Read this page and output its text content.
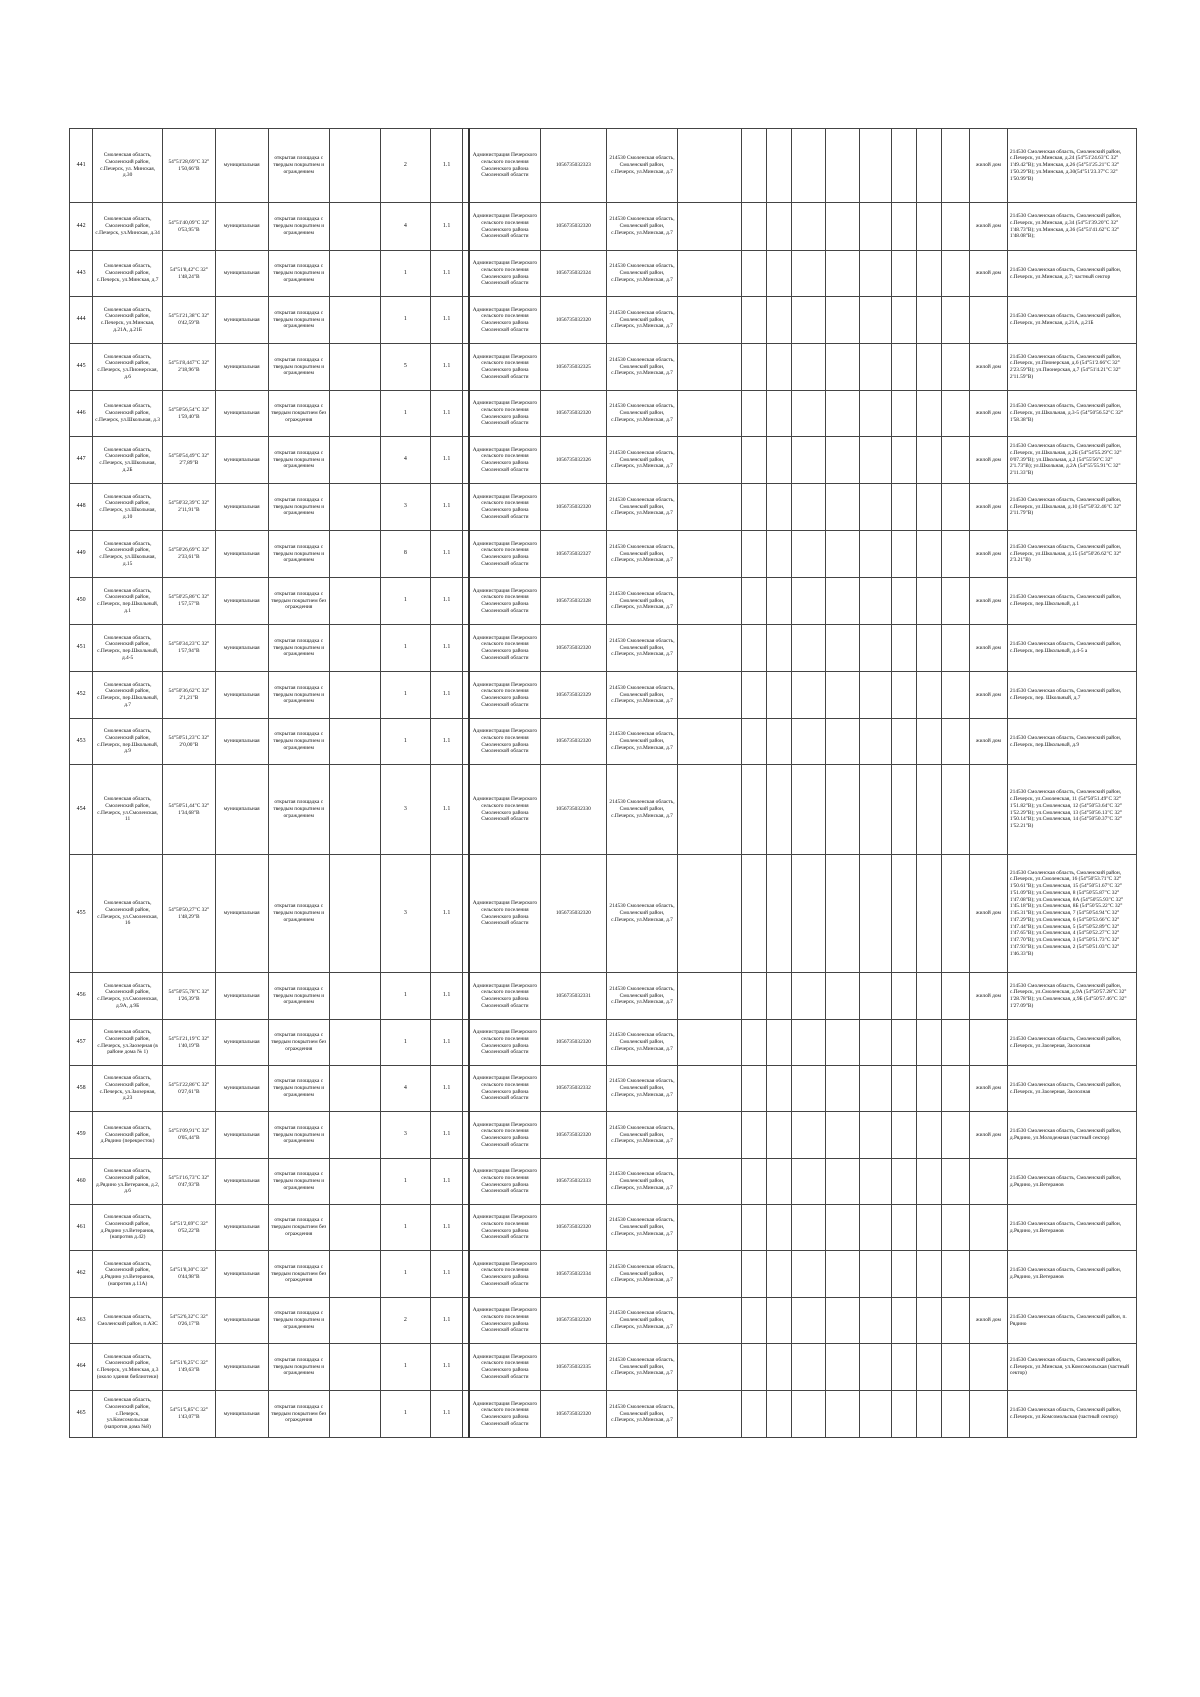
441	Смоленская область, Смоленский район, с.Печерск, ул. Минская, д.30	54°51'28,69"С 32° 1'50,66"В	муниципальная	открытая площадка с твердым покрытием и ограждением		2	1.1		Администрация Печерского сельского поселения Смоленского района Смоленской области	1056735032323	214530 Смоленская область, Смоленский район, с.Печерск, ул.Минская, д.7										жилой дом	214530 Смоленская область, Смоленский район, с.Печерск, ул.Минская, д.24 (54°51'24.63"С 32° 1'49.42"В); ул.Минская, д.26 (54°51'25.21"С 32° 1'50.29"В); ул.Минская, д.30(54°51'23.37"С 32° 1'50.99"В)
442	Смоленская область, Смоленский район, с.Печерск, ул.Минская, д.34	54°51'40,09"С 32° 0'53,95"В	муниципальная	открытая площадка с твердым покрытием и ограждением		4	1.1		Администрация Печерского сельского поселения Смоленского района Смоленской области	1056735032320	214530 Смоленская область, Смоленский район, с.Печерск, ул.Минская, д.7										жилой дом	214530 Смоленская область, Смоленский район, с.Печерск, ул.Минская, д.34 (54°51'39.20"С 32° 1'48.73"В); ул.Минская, д.36 (54°51'41.62"С 32° 1'48.08"В);
443	Смоленская область, Смоленский район, с.Печерск, ул.Минская, д.7	54°51'8,42"С 32° 1'48,24"В	муниципальная	открытая площадка с твердым покрытием и ограждением		1	1.1		Администрация Печерского сельского поселения Смоленского района Смоленской области	1056735032324	214530 Смоленская область, Смоленский район, с.Печерск, ул.Минская, д.7										жилой дом	214530 Смоленская область, Смоленский район, с.Печерск, ул.Минская, д.7; частный сектор
444	Смоленская область, Смоленский район, с.Печерск, ул.Минская, д.21А, д.21Б	54°51'21,38"С 32° 0'42,59"В	муниципальная	открытая площадка с твердым покрытием и ограждением		1	1.1		Администрация Печерского сельского поселения Смоленского района Смоленской области	1056735032320	214530 Смоленская область, Смоленский район, с.Печерск, ул.Минская, д.7											214530 Смоленская область, Смоленский район, с.Печерск, ул.Минская, д.21А, д.21Б
445	Смоленская область, Смоленский район, с.Печерск, ул.Пионерская, д.6	54°51'8,447"С 32° 2'18,96"В	муниципальная	открытая площадка с твердым покрытием и ограждением		5	1.1		Администрация Печерского сельского поселения Смоленского района Смоленской области	1056735032325	214530 Смоленская область, Смоленский район, с.Печерск, ул.Минская, д.7										жилой дом	214530 Смоленская область, Смоленский район, с.Печерск, ул.Пионерская, д.6 (54°51'2.66"С 32° 2'23.59"В); ул.Пионерская, д.7 (54°51'4.21"С 32° 2'11.59"В)
446	Смоленская область, Смоленский район, с.Печерск, ул.Школьная, д.3	54°50'56,54"С 32° 1'59,40"В	муниципальная	открытая площадка с твердым покрытием без ограждения		1	1.1		Администрация Печерского сельского поселения Смоленского района Смоленской области	1056735032320	214530 Смоленская область, Смоленский район, с.Печерск, ул.Минская, д.7										жилой дом	214530 Смоленская область, Смоленский район, с.Печерск, ул.Школьная, д.3-5 (54°50'56.52"С 32° 1'58.38"В)
447	Смоленская область, Смоленский район, с.Печерск, ул.Школьная, д.2Б	54°50'54,49"С 32° 2'7,89"В	муниципальная	открытая площадка с твердым покрытием и ограждением		4	1.1		Администрация Печерского сельского поселения Смоленского района Смоленской области	1056735032326	214530 Смоленская область, Смоленский район, с.Печерск, ул.Минская, д.7										жилой дом	214530 Смоленская область, Смоленский район, с.Печерск, ул.Школьная, д.2Б (54°54'55.29"С 32° 0'07.39"В); ул.Школьная, д.2 (54°55'56"С 32° 2'1.73"В); ул.Школьная, д.2А (54°55'55.91"С 32° 2'11.33"В)
448	Смоленская область, Смоленский район, с.Печерск, ул.Школьная, д.10	54°50'32,39"С 32° 2'11,91"В	муниципальная	открытая площадка с твердым покрытием и ограждением		3	1.1		Администрация Печерского сельского поселения Смоленского района Смоленской области	1056735032320	214530 Смоленская область, Смоленский район, с.Печерск, ул.Минская, д.7										жилой дом	214530 Смоленская область, Смоленский район, с.Печерск, ул.Школьная, д.10 (54°50'32.46"С 32° 2'11.79"В)
449	Смоленская область, Смоленский район, с.Печерск, ул.Школьная, д.15	54°50'26,69"С 32° 2'33,61"В	муниципальная	открытая площадка с твердым покрытием и ограждением		8	1.1		Администрация Печерского сельского поселения Смоленского района Смоленской области	1056735032327	214530 Смоленская область, Смоленский район, с.Печерск, ул.Минская, д.7										жилой дом	214530 Смоленская область, Смоленский район, с.Печерск, ул.Школьная, д.15 (54°50'26.62"С 32° 2'3.21"В)
450	Смоленская область, Смоленский район, с.Печерск, пер.Школьный, д.1	54°50'25,86"С 32° 1'57,57"В	муниципальная	открытая площадка с твердым покрытием без ограждения		1	1.1		Администрация Печерского сельского поселения Смоленского района Смоленской области	1056735032328	214530 Смоленская область, Смоленский район, с.Печерск, ул.Минская, д.7										жилой дом	214530 Смоленская область, Смоленский район, с.Печерск, пер.Школьный, д.1
451	Смоленская область, Смоленский район, с.Печерск, пер.Школьный, д.4-5	54°50'34,23"С 32° 1'57,94"В	муниципальная	открытая площадка с твердым покрытием и ограждением		1	1.1		Администрация Печерского сельского поселения Смоленского района Смоленской области	1056735032320	214530 Смоленская область, Смоленский район, с.Печерск, ул.Минская, д.7										жилой дом	214530 Смоленская область, Смоленский район, с.Печерск, пер.Школьный, д.4-5 а
452	Смоленская область, Смоленский район, с.Печерск, пер.Школьный, д.7	54°50'36,62"С 32° 2'1,21"В	муниципальная	открытая площадка с твердым покрытием и ограждением		1	1.1		Администрация Печерского сельского поселения Смоленского района Смоленской области	1056735032329	214530 Смоленская область, Смоленский район, с.Печерск, ул.Минская, д.7										жилой дом	214530 Смоленская область, Смоленский район, с.Печерск, пер. Школьный, д.7
453	Смоленская область, Смоленский район, с.Печерск, пер.Школьный, д.9	54°50'51,23"С 32° 2'0,00"В	муниципальная	открытая площадка с твердым покрытием и ограждением		1	1.1		Администрация Печерского сельского поселения Смоленского района Смоленской области	1056735032320	214530 Смоленская область, Смоленский район, с.Печерск, ул.Минская, д.7										жилой дом	214530 Смоленская область, Смоленский район, с.Печерск, пер.Школьный, д.9
454	Смоленская область, Смоленский район, с.Печерск, ул.Смоленская, 11	54°50'51,44"С 32° 1'34,68"В	муниципальная	открытая площадка с твердым покрытием и ограждением		3	1.1		Администрация Печерского сельского поселения Смоленского района Смоленской области	1056735032330	214530 Смоленская область, Смоленский район, с.Печерск, ул.Минская, д.7											214530 Смоленская область, Смоленский район, с.Печерск, ул.Смоленская, 11 (54°50'51.49"С 32° 1'51.82"В); ул.Смоленская, 12 (54°50'53.64"С 32° 1'52.29"В); ул.Смоленская, 13 (54°50'56.13"С 32° 1'50.14"В); ул.Смоленская, 14 (54°50'50.37"С 32° 1'52.21"В)
455	Смоленская область, Смоленский район, с.Печерск, ул.Смоленская, 16	54°50'50,27"С 32° 1'48,29"В	муниципальная	открытая площадка с твердым покрытием и ограждением		3	1.1		Администрация Печерского сельского поселения Смоленского района Смоленской области	1056735032320	214530 Смоленская область, Смоленский район, с.Печерск, ул.Минская, д.7										жилой дом	214530 Смоленская область, Смоленский район, с.Печерск, ул.Смоленская, 16 (54°50'53.71"С 32° 1'50.61"В); ул.Смоленская, 15 (54°50'51.67"С 32° 1'51.09"В); ул.Смоленская, 8 (54°50'55.87"С 32° 1'47.08"В); ул.Смоленская, 8А (54°50'55.93"С 32° 1'45.18"В); ул.Смоленская, 8Б (54°50'55.22"С 32° 1'45.31"В); ул.Смоленская, 7 (54°50'54.94"С 32° 1'47.29"В); ул.Смоленская, 6 (54°50'53.66"С 32° 1'47.44"В); ул.Смоленская, 5 (54°50'52.89"С 32° 1'47.65"В); ул.Смоленская, 4 (54°50'52.27"С 32° 1'47.70"В); ул.Смоленская, 3 (54°50'51.73"С 32° 1'47.93"В); ул.Смоленская, 2 (54°50'51.03"С 32° 1'46.33"В)
456	Смоленская область, Смоленский район, с.Печерск, ул.Смоленская, д.9А, д.9Б	54°50'55,78"С 32° 1'26,39"В	муниципальная	открытая площадка с твердым покрытием и ограждением		1	1.1		Администрация Печерского сельского поселения Смоленского района Смоленской области	1056735032331	214530 Смоленская область, Смоленский район, с.Печерск, ул.Минская, д.7										жилой дом	214530 Смоленская область, Смоленский район, с.Печерск, ул.Смоленская, д.9А (54°50'57.28"С 32° 1'28.78"В); ул.Смоленская, д.9Б (54°50'57.46"С 32° 1'27.09"В)
457	Смоленская область, Смоленский район, с.Печерск, ул.Заозерная (в районе дома № 1)	54°51'21,19"С 32° 1'40,19"В	муниципальная	открытая площадка с твердым покрытием без ограждения		1	1.1		Администрация Печерского сельского поселения Смоленского района Смоленской области	1056735032320	214530 Смоленская область, Смоленский район, с.Печерск, ул.Минская, д.7											214530 Смоленская область, Смоленский район, с.Печерск, ул.Заозерная, Заозолная
458	Смоленская область, Смоленский район, с.Печерск, ул.Заозерная, д.23	54°51'22,86"С 32° 0'27,61"В	муниципальная	открытая площадка с твердым покрытием и ограждением		4	1.1		Администрация Печерского сельского поселения Смоленского района Смоленской области	1056735032332	214530 Смоленская область, Смоленский район, с.Печерск, ул.Минская, д.7										жилой дом	214530 Смоленская область, Смоленский район, с.Печерск, ул.Заозерная, Заозолная
459	Смоленская область, Смоленский район, д.Рядино (перекресток)	54°51'09,91"С 32° 0'05,44"В	муниципальная	открытая площадка с твердым покрытием и ограждением		3	1.1		Администрация Печерского сельского поселения Смоленского района Смоленской области	1056735032320	214530 Смоленская область, Смоленский район, с.Печерск, ул.Минская, д.7										жилой дом	214530 Смоленская область, Смоленский район, д.Рядино, ул.Молодежная (частный сектор)
460	Смоленская область, Смоленский район, д.Рядино ул.Ветеранов, д.2, д.6	54°51'16,73"С 32° 0'47,93"В	муниципальная	открытая площадка с твердым покрытием и ограждением		1	1.1		Администрация Печерского сельского поселения Смоленского района Смоленской области	1056735032333	214530 Смоленская область, Смоленский район, с.Печерск, ул.Минская, д.7											214530 Смоленская область, Смоленский район, д.Рядино, ул.Ветеранов
461	Смоленская область, Смоленский район, д.Рядино ул.Ветеранов, (напротив д.42)	54°51'2,69"С 32° 0'52,22"В	муниципальная	открытая площадка с твердым покрытием без ограждения		1	1.1		Администрация Печерского сельского поселения Смоленского района Смоленской области	1056735032320	214530 Смоленская область, Смоленский район, с.Печерск, ул.Минская, д.7											214530 Смоленская область, Смоленский район, д.Рядино, ул.Ветеранов
462	Смоленская область, Смоленский район, д.Рядино ул.Ветеранов, (напротив д.11А)	54°51'8,30"С 32° 0'44,98"В	муниципальная	открытая площадка с твердым покрытием без ограждения		1	1.1		Администрация Печерского сельского поселения Смоленского района Смоленской области	1056735032334	214530 Смоленская область, Смоленский район, с.Печерск, ул.Минская, д.7											214530 Смоленская область, Смоленский район, д.Рядино, ул.Ветеранов
463	Смоленская область, Смоленский район, п.АЗС	54°52'6,32"С 32° 0'26,17"В	муниципальная	открытая площадка с твердым покрытием и ограждением		2	1.1		Администрация Печерского сельского поселения Смоленского района Смоленской области	1056735032320	214530 Смоленская область, Смоленский район, с.Печерск, ул.Минская, д.7										жилой дом	214530 Смоленская область, Смоленский район, п. Рядино
464	Смоленская область, Смоленский район, с.Печерск, ул.Минская, д.3 (около здания библиотеки)	54°51'6,25"С 32° 1'49,63"В	муниципальная	открытая площадка с твердым покрытием и ограждением		1	1.1		Администрация Печерского сельского поселения Смоленского района Смоленской области	1056735032335	214530 Смоленская область, Смоленский район, с.Печерск, ул.Минская, д.7											214530 Смоленская область, Смоленский район, с.Печерск, ул.Минская, ул.Комсомольская (частный сектор)
465	Смоленская область, Смоленский район, с.Печерск, ул.Комсомольская (напротив дома №8)	54°51'5,85"С 32° 1'43,07"В	муниципальная	открытая площадка с твердым покрытием без ограждения		1	1.1		Администрация Печерского сельского поселения Смоленского района Смоленской области	1056735032320	214530 Смоленская область, Смоленский район, с.Печерск, ул.Минская, д.7											214530 Смоленская область, Смоленский район, с.Печерск, ул.Комсомольская (частный сектор)
